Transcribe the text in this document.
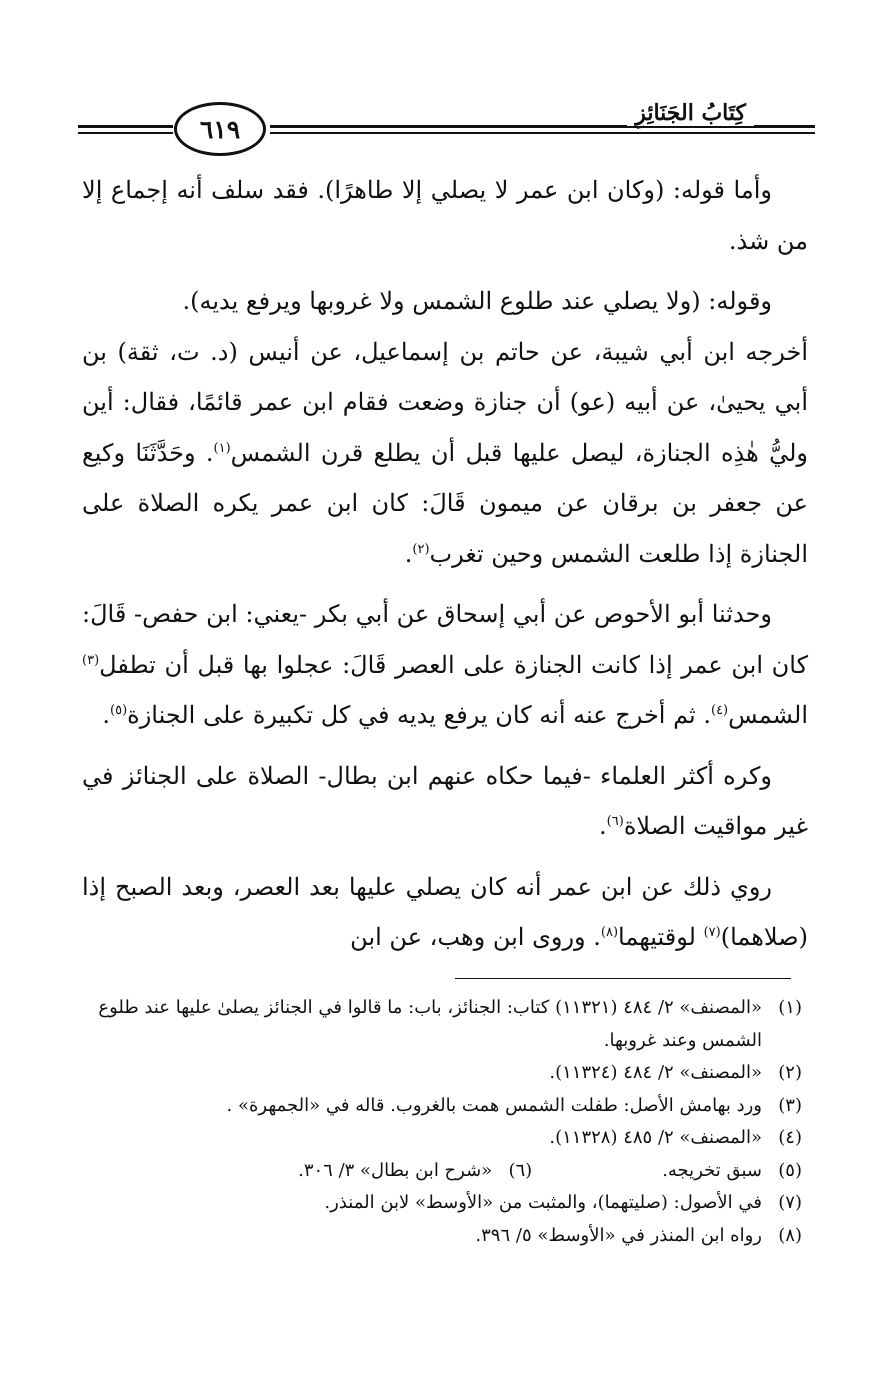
٦١٩
كِتَابُ الجَنَائِزِ

وأما قوله: (وكان ابن عمر لا يصلي إلا طاهرًا). فقد سلف أنه إجماع إلا من شذ.

وقوله: (ولا يصلي عند طلوع الشمس ولا غروبها ويرفع يديه).

أخرجه ابن أبي شيبة، عن حاتم بن إسماعيل، عن أنيس (د. ت، ثقة) بن أبي يحيىٰ، عن أبيه (عو) أن جنازة وضعت فقام ابن عمر قائمًا، فقال: أين وليُّ هٰذِه الجنازة، ليصل عليها قبل أن يطلع قرن الشمس$^{(١)}$. وحَدَّثَنَا وكيع عن جعفر بن برقان عن ميمون قَالَ: كان ابن عمر يكره الصلاة على الجنازة إذا طلعت الشمس وحين تغرب$^{(٢)}$.

وحدثنا أبو الأحوص عن أبي إسحاق عن أبي بكر -يعني: ابن حفص- قَالَ: كان ابن عمر إذا كانت الجنازة على العصر قَالَ: عجلوا بها قبل أن تطفل$^{(٣)}$ الشمس$^{(٤)}$. ثم أخرج عنه أنه كان يرفع يديه في كل تكبيرة على الجنازة$^{(٥)}$.

وكره أكثر العلماء -فيما حكاه عنهم ابن بطال- الصلاة على الجنائز في غير مواقيت الصلاة$^{(٦)}$.

روي ذلك عن ابن عمر أنه كان يصلي عليها بعد العصر، وبعد الصبح إذا (صلاهما)$^{(٧)}$ لوقتيهما$^{(٨)}$. وروى ابن وهب، عن ابن

(١)
«المصنف» ٢/ ٤٨٤ (١١٣٢١) كتاب: الجنائز، باب: ما قالوا في الجنائز يصلىٰ عليها عند طلوع الشمس وعند غروبها.
(٢)
«المصنف» ٢/ ٤٨٤ (١١٣٢٤).
(٣)
ورد بهامش الأصل: طفلت الشمس همت بالغروب. قاله في «الجمهرة» .
(٤)
«المصنف» ٢/ ٤٨٥ (١١٣٢٨).
(٥)
سبق تخريجه.
(٦)
«شرح ابن بطال» ٣/ ٣٠٦.
(٧)
في الأصول: (صليتهما)، والمثبت من «الأوسط» لابن المنذر.
(٨)
رواه ابن المنذر في «الأوسط» ٥/ ٣٩٦.
